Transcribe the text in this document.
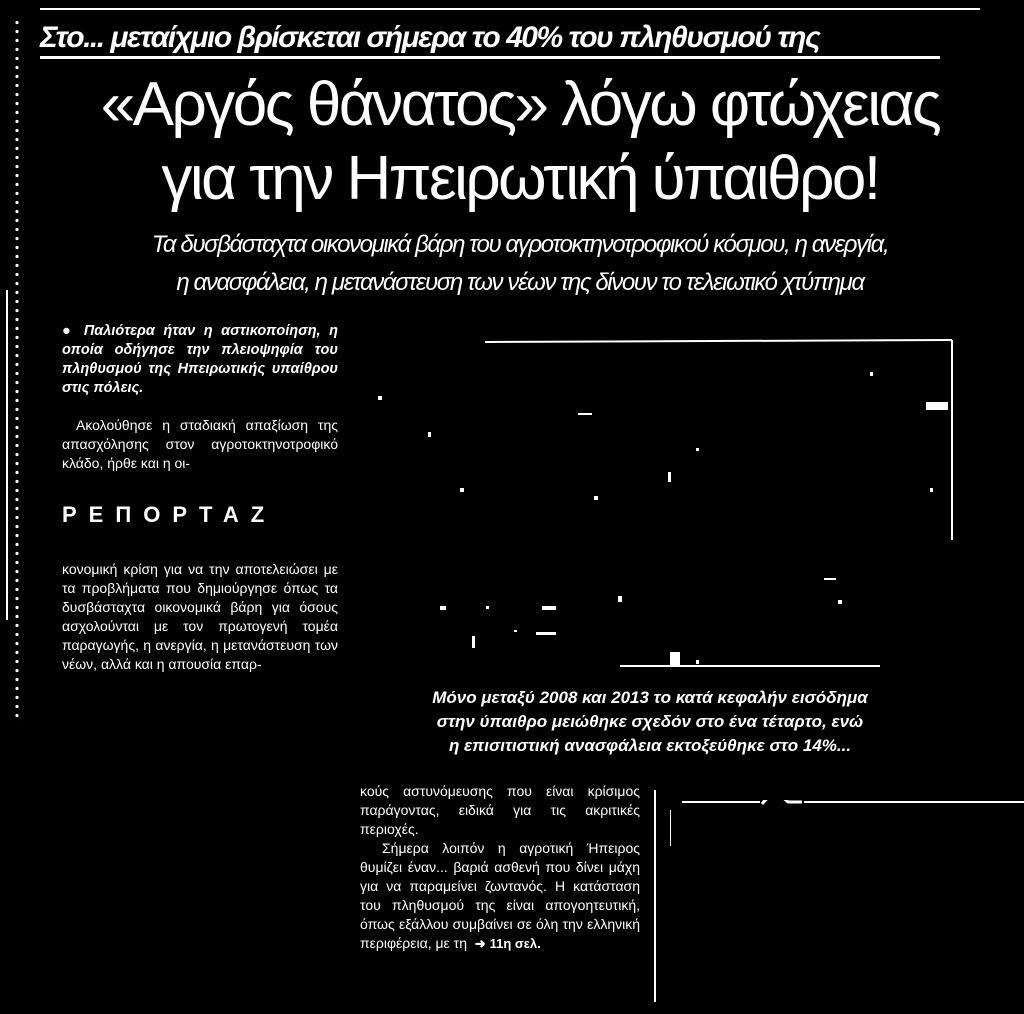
Στο... μεταίχμιο βρίσκεται σήμερα το 40% του πληθυσμού της
«Αργός θάνατος» λόγω φτώχειας
για την Ηπειρωτική ύπαιθρο!
Τα δυσβάσταχτα οικονομικά βάρη του αγροτοκτηνοτροφικού κόσμου, η ανεργία,
η ανασφάλεια, η μετανάστευση των νέων της δίνουν το τελειωτικό χτύπημα
● Παλιότερα ήταν η αστικοποίηση, η οποία οδήγησε την πλειοψηφία του πληθυσμού της Ηπειρωτικής υπαίθρου στις πόλεις.
Ακολούθησε η σταδιακή απαξίωση της απασχόλησης στον αγροτοκτηνοτροφικό κλάδο, ήρθε και η οι-
ΡΕΠΟΡΤΑΖ
κονομική κρίση για να την αποτελειώσει με τα προβλήματα που δημιούργησε όπως τα δυσβάσταχτα οικονομικά βάρη για όσους ασχολούνται με τον πρωτογενή τομέα παραγωγής, η ανεργία, η μετανάστευση των νέων, αλλά και η απουσία επαρ-
Μόνο μεταξύ 2008 και 2013 το κατά κεφαλήν εισόδημα
στην ύπαιθρο μειώθηκε σχεδόν στο ένα τέταρτο, ενώ
η επισιτιστική ανασφάλεια εκτοξεύθηκε στο 14%...

κούς αστυνόμευσης που είναι κρίσιμος παράγοντας, ειδικά για τις ακριτικές περιοχές.

Σήμερα λοιπόν η αγροτική Ήπειρος θυμίζει έναν... βαριά ασθενή που δίνει μάχη για να παραμείνει ζωντανός. Η κατάσταση του πληθυσμού της είναι απογοητευτική, όπως εξάλλου συμβαίνει σε όλη την ελληνική περιφέρεια, με τη ➜ 11η σελ.
